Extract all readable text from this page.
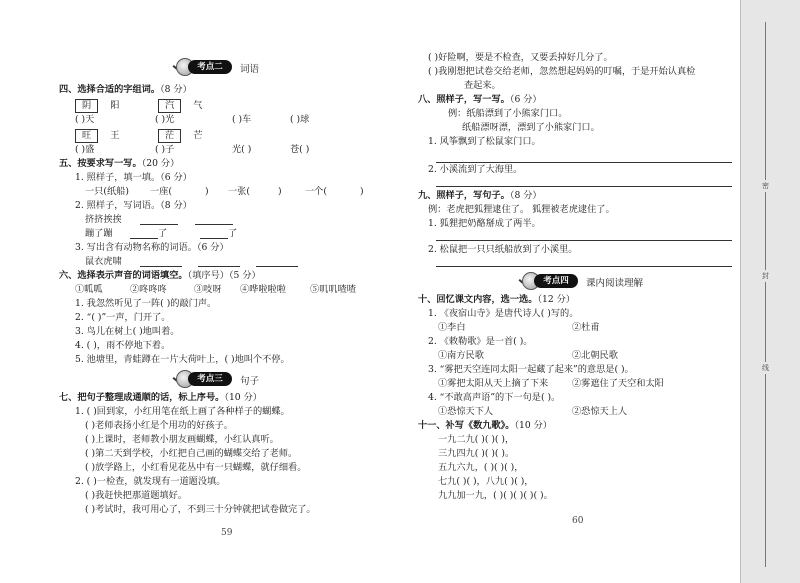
考点二	词语
四、选择合适的字组词。（8 分）
阴 阳	汽 气
( )天	( )光	( )车	( )球
旺 王	茫 芒
( )盛	( )子	光( )	苍( )
五、按要求写一写。（20 分）
1. 照样子，填一填。（6 分）
一只(纸船) 一座(	) 一张(	)	一个(	)
2. 照样子，写词语。（8 分）
挤挤挨挨
蹦了蹦	了	了
3. 写出含有动物名称的词语。（6 分）
鼠衣虎啸
六、选择表示声音的词语填空。（填序号）（5 分）
①呱呱	②咚咚咚	③吱呀 ④哗啦啦啦	⑤叽叽喳喳
1. 我忽然听见了一阵( )的敲门声。
2. “( )”一声，门开了。
3. 鸟儿在树上( )地叫着。
4. ( )，雨不停地下着。
5. 池塘里，青蛙蹲在一片大荷叶上，( )地叫个不停。
考点三	句子
七、把句子整理成通顺的话，标上序号。（10 分）
1. ( )回到家，小红用笔在纸上画了各种样子的蝴蝶。
( )老师表扬小红是个用功的好孩子。
( )上课时，老师教小朋友画蝴蝶，小红认真听。
( )第二天到学校，小红把自己画的蝴蝶交给了老师。
( )放学路上，小红看见花丛中有一只蝴蝶，就仔细看。
2. ( )一检查，就发现有一道题没填。
( )我赶快把那道题填好。
( )考试时，我可用心了，不到三十分钟就把试卷做完了。
59
( )好险啊，要是不检查，又要丢掉好几分了。
( )我刚想把试卷交给老师，忽然想起妈妈的叮嘱，于是开始认真检
查起来。
八、照样子，写一写。（6 分）
例：纸船漂到了小熊家门口。
纸船漂呀漂，漂到了小熊家门口。
1. 风筝飘到了松鼠家门口。
2. 小溪流到了大海里。
九、照样子，写句子。（8 分）
例：老虎把狐狸逮住了。 狐狸被老虎逮住了。
1. 狐狸把奶酪掰成了两半。
2. 松鼠把一只只纸船放到了小溪里。
考点四	课内阅读理解
十、回忆课文内容，选一选。（12 分）
1. 《夜宿山寺》是唐代诗人( )写的。
①李白	②杜甫
2. 《敕勒歌》是一首( )。
①南方民歌	②北朝民歌
3. “雾把天空连同太阳一起藏了起来”的意思是( )。
①雾把太阳从天上摘了下来	②雾遮住了天空和太阳
4. “不敢高声语”的下一句是( )。
①恐惊天下人	②恐惊天上人
十一、补写《数九歌》。（10 分）
一九二九( )( )( )，
三九四九( )( )( )。
五九六九，( )( )( )，
七九( )( )，八九( )( )，
九九加一九，( )( )( )( )( )。
60
密
封
线
